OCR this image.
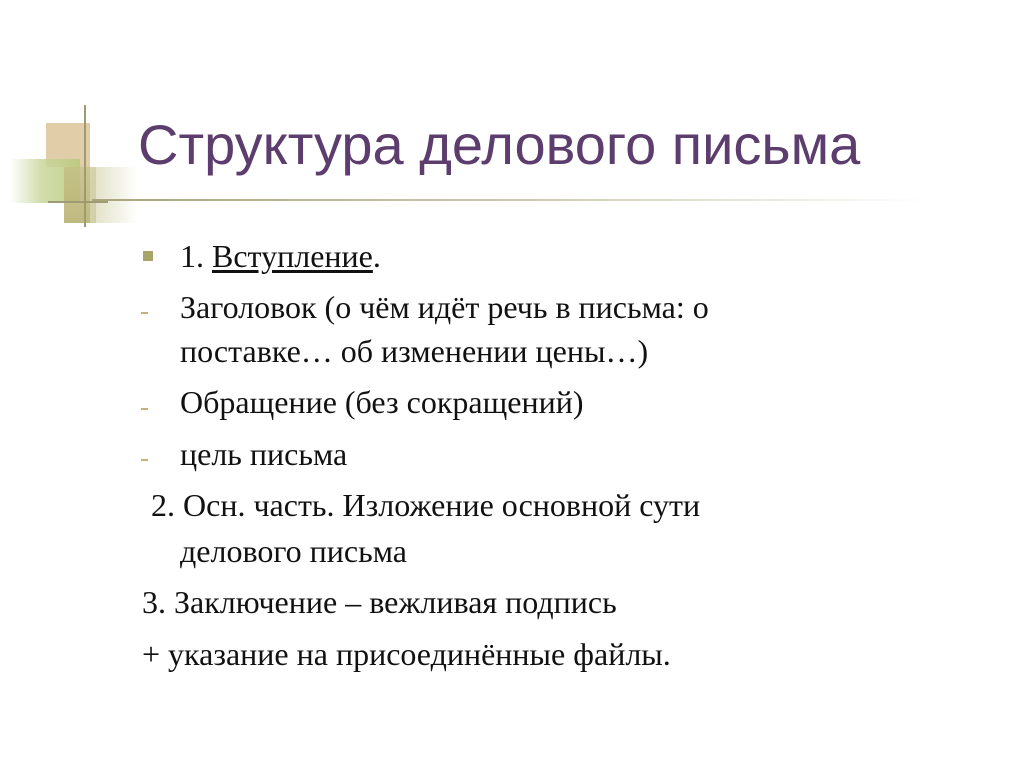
Структура делового письма
1. Вступление.
Заголовок (о чём идёт речь в письма: о
поставке… об изменении цены…)
Обращение (без сокращений)
цель письма
2. Осн. часть. Изложение основной сути
делового письма
3. Заключение – вежливая подпись
+ указание на присоединённые файлы.
